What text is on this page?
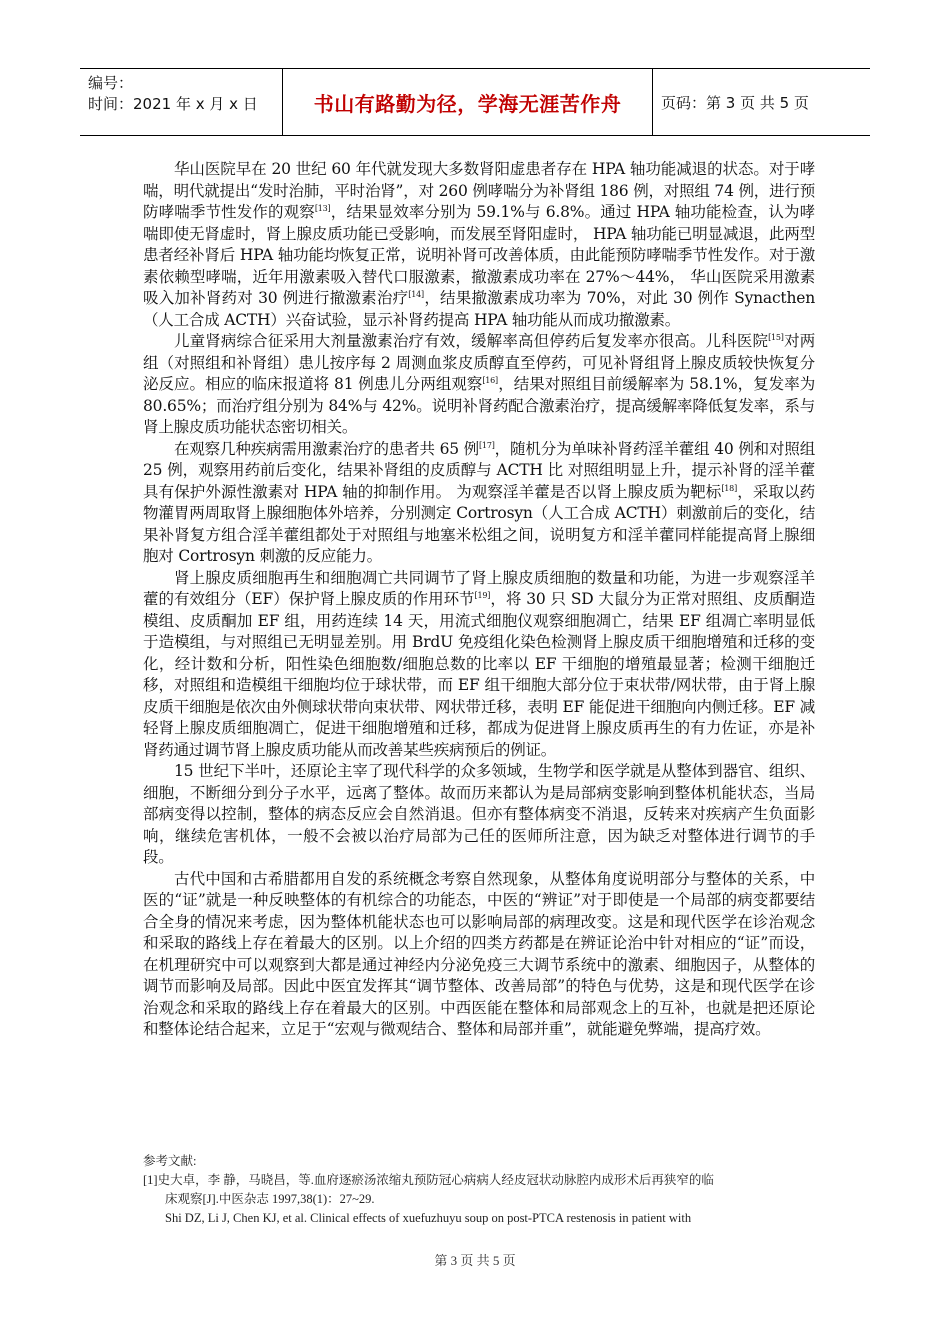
编号：
时间：2021 年 x 月 x 日	书山有路勤为径，学海无涯苦作舟	页码：第 3 页 共 5 页

华山医院早在 20 世纪 60 年代就发现大多数肾阳虚患者存在 HPA 轴功能减退的状态。对于哮喘，明代就提出“发时治肺，平时治肾”，对 260 例哮喘分为补肾组 186 例，对照组 74 例，进行预防哮喘季节性发作的观察[13]，结果显效率分别为 59.1%与 6.8%。通过 HPA 轴功能检查，认为哮喘即使无肾虚时，肾上腺皮质功能已受影响，而发展至肾阳虚时， HPA 轴功能已明显减退，此两型患者经补肾后 HPA 轴功能均恢复正常，说明补肾可改善体质，由此能预防哮喘季节性发作。对于激素依赖型哮喘，近年用激素吸入替代口服激素，撤激素成功率在 27%～44%， 华山医院采用激素吸入加补肾药对 30 例进行撤激素治疗[14]，结果撤激素成功率为 70%，对此 30 例作 Synacthen（人工合成 ACTH）兴奋试验，显示补肾药提高 HPA 轴功能从而成功撤激素。

儿童肾病综合征采用大剂量激素治疗有效，缓解率高但停药后复发率亦很高。儿科医院[15]对两组（对照组和补肾组）患儿按序每 2 周测血浆皮质醇直至停药，可见补肾组肾上腺皮质较快恢复分泌反应。相应的临床报道将 81 例患儿分两组观察[16]，结果对照组目前缓解率为 58.1%，复发率为 80.65%；而治疗组分别为 84%与 42%。说明补肾药配合激素治疗，提高缓解率降低复发率，系与肾上腺皮质功能状态密切相关。

在观察几种疾病需用激素治疗的患者共 65 例[17]，随机分为单味补肾药淫羊藿组 40 例和对照组 25 例，观察用药前后变化，结果补肾组的皮质醇与 ACTH 比 对照组明显上升，提示补肾的淫羊藿具有保护外源性激素对 HPA 轴的抑制作用。 为观察淫羊藿是否以肾上腺皮质为靶标[18]，采取以药物灌胃两周取肾上腺细胞体外培养，分别测定 Cortrosyn（人工合成 ACTH）刺激前后的变化，结果补肾复方组合淫羊藿组都处于对照组与地塞米松组之间，说明复方和淫羊藿同样能提高肾上腺细胞对 Cortrosyn 刺激的反应能力。

肾上腺皮质细胞再生和细胞凋亡共同调节了肾上腺皮质细胞的数量和功能，为进一步观察淫羊藿的有效组分（EF）保护肾上腺皮质的作用环节[19]，将 30 只 SD 大鼠分为正常对照组、皮质酮造模组、皮质酮加 EF 组，用药连续 14 天，用流式细胞仪观察细胞凋亡，结果 EF 组凋亡率明显低于造模组，与对照组已无明显差别。用 BrdU 免疫组化染色检测肾上腺皮质干细胞增殖和迁移的变化，经计数和分析，阳性染色细胞数/细胞总数的比率以 EF 干细胞的增殖最显著；检测干细胞迁移，对照组和造模组干细胞均位于球状带，而 EF 组干细胞大部分位于束状带/网状带，由于肾上腺皮质干细胞是依次由外侧球状带向束状带、网状带迁移，表明 EF 能促进干细胞向内侧迁移。EF 减轻肾上腺皮质细胞凋亡，促进干细胞增殖和迁移，都成为促进肾上腺皮质再生的有力佐证，亦是补肾药通过调节肾上腺皮质功能从而改善某些疾病预后的例证。

15 世纪下半叶，还原论主宰了现代科学的众多领域，生物学和医学就是从整体到器官、组织、细胞，不断细分到分子水平，远离了整体。故而历来都认为是局部病变影响到整体机能状态，当局部病变得以控制，整体的病态反应会自然消退。但亦有整体病变不消退，反转来对疾病产生负面影响，继续危害机体，一般不会被以治疗局部为己任的医师所注意，因为缺乏对整体进行调节的手段。

古代中国和古希腊都用自发的系统概念考察自然现象，从整体角度说明部分与整体的关系，中医的“证”就是一种反映整体的有机综合的功能态，中医的“辨证”对于即使是一个局部的病变都要结合全身的情况来考虑，因为整体机能状态也可以影响局部的病理改变。这是和现代医学在诊治观念和采取的路线上存在着最大的区别。以上介绍的四类方药都是在辨证论治中针对相应的“证”而设，在机理研究中可以观察到大都是通过神经内分泌免疫三大调节系统中的激素、细胞因子，从整体的调节而影响及局部。因此中医宜发挥其“调节整体、改善局部”的特色与优势，这是和现代医学在诊治观念和采取的路线上存在着最大的区别。中西医能在整体和局部观念上的互补，也就是把还原论和整体论结合起来，立足于“宏观与微观结合、整体和局部并重”，就能避免弊端，提高疗效。

参考文献:

[1]史大卓，李 静，马晓昌，等.血府逐瘀汤浓缩丸预防冠心病病人经皮冠状动脉腔内成形术后再狭窄的临

床观察[J].中医杂志 1997,38(1)：27~29.

Shi DZ, Li J, Chen KJ, et al. Clinical effects of xuefuzhuyu soup on post-PTCA restenosis in patient with

第 3 页 共 5 页
